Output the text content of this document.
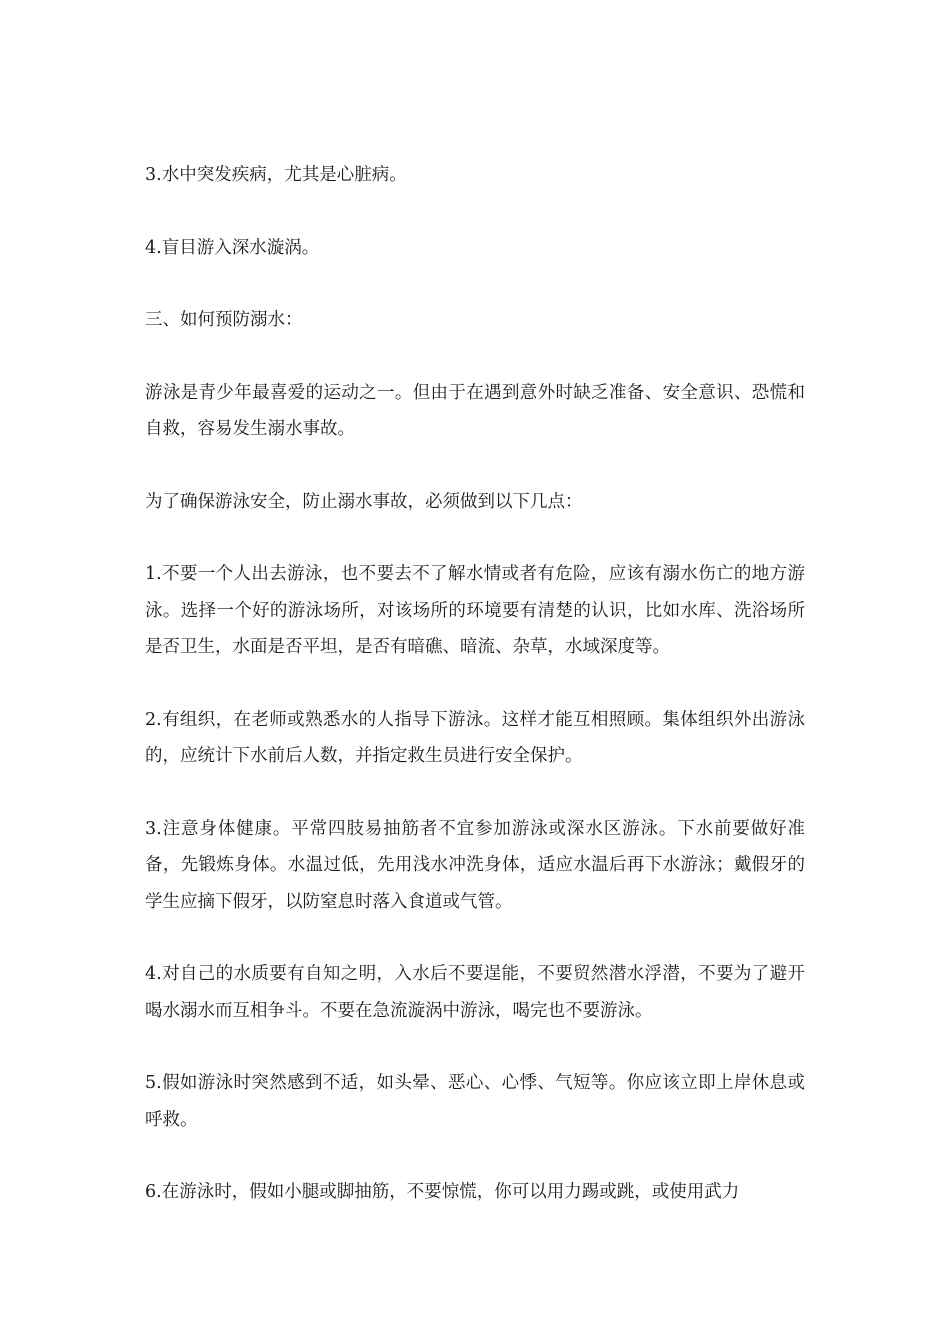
3.水中突发疾病，尤其是心脏病。

4.盲目游入深水漩涡。

三、如何预防溺水：

游泳是青少年最喜爱的运动之一。但由于在遇到意外时缺乏准备、安全意识、恐慌和自救，容易发生溺水事故。

为了确保游泳安全，防止溺水事故，必须做到以下几点：

1.不要一个人出去游泳，也不要去不了解水情或者有危险，应该有溺水伤亡的地方游泳。选择一个好的游泳场所，对该场所的环境要有清楚的认识，比如水库、洗浴场所是否卫生，水面是否平坦，是否有暗礁、暗流、杂草，水域深度等。

2.有组织，在老师或熟悉水的人指导下游泳。这样才能互相照顾。集体组织外出游泳的，应统计下水前后人数，并指定救生员进行安全保护。

3.注意身体健康。平常四肢易抽筋者不宜参加游泳或深水区游泳。下水前要做好准备，先锻炼身体。水温过低，先用浅水冲洗身体，适应水温后再下水游泳；戴假牙的学生应摘下假牙，以防窒息时落入食道或气管。

4.对自己的水质要有自知之明，入水后不要逞能，不要贸然潜水浮潜，不要为了避开喝水溺水而互相争斗。不要在急流漩涡中游泳，喝完也不要游泳。

5.假如游泳时突然感到不适，如头晕、恶心、心悸、气短等。你应该立即上岸休息或呼救。

6.在游泳时，假如小腿或脚抽筋，不要惊慌，你可以用力踢或跳，或使用武力
